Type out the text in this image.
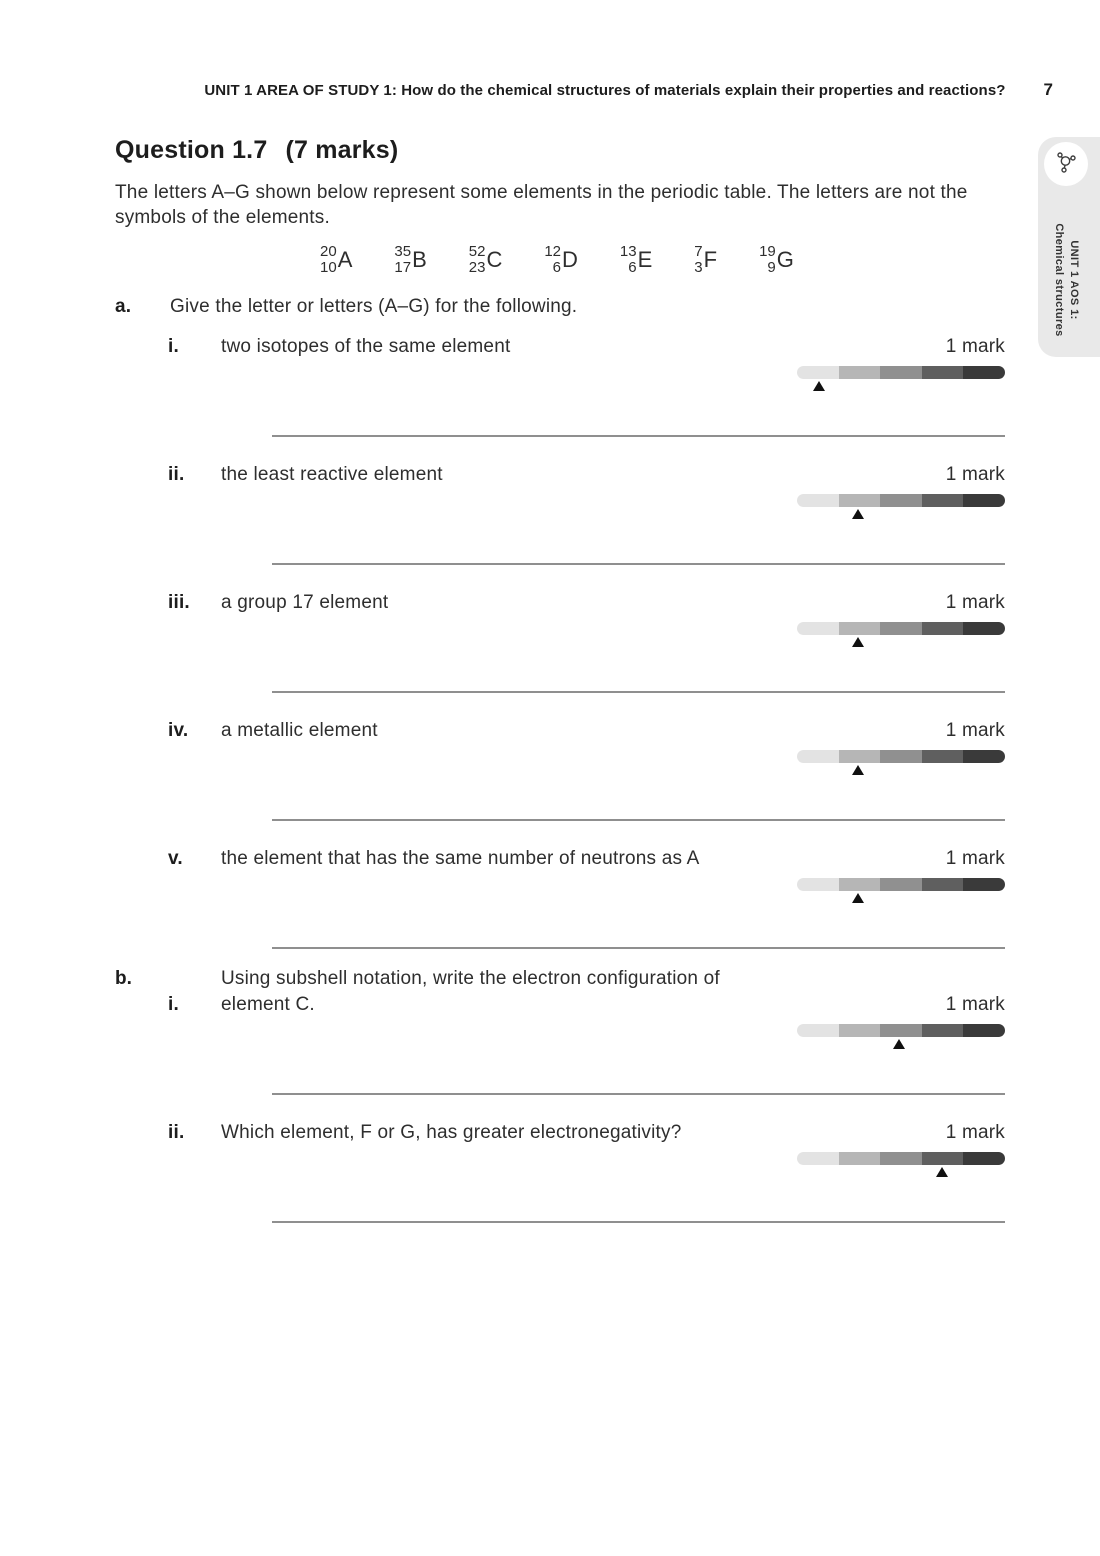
UNIT 1 AREA OF STUDY 1: How do the chemical structures of materials explain their properties and reactions? 7
UNIT 1 AOS 1:
Chemical structures
Question 1.7 (7 marks)
The letters A–G shown below represent some elements in the periodic table. The letters are not the symbols of the elements.
20
10 A	35
17 B	52
23 C	12
6 D	13
6 E	7
3 F	19
9 G
a.	Give the letter or letters (A–G) for the following.
i.	two isotopes of the same element	1 mark
ii.	the least reactive element	1 mark
iii.	a group 17 element	1 mark
iv.	a metallic element	1 mark
v.	the element that has the same number of neutrons as A	1 mark
b.
i.
Using subshell notation, write the electron configuration of element C.	1 mark
ii.	Which element, F or G, has greater electronegativity?	1 mark
